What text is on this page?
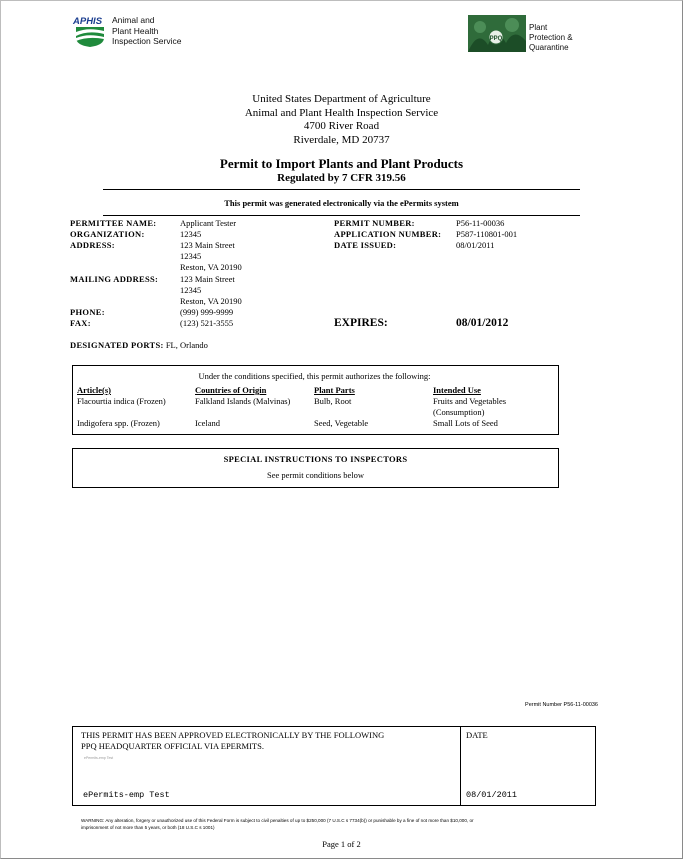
APHIS Animal and
Plant Health
Inspection Service	PPQ
Plant
Protection &
Quarantine
United States Department of Agriculture
Animal and Plant Health Inspection Service
4700 River Road
Riverdale, MD 20737
Permit to Import Plants and Plant Products
Regulated by 7 CFR 319.56
This permit was generated electronically via the ePermits system
PERMITTEE NAME:	Applicant Tester
ORGANIZATION:	12345
ADDRESS:	123 Main Street
12345
Reston, VA 20190
MAILING ADDRESS:	123 Main Street
12345
Reston, VA 20190
PHONE:	(999) 999-9999
FAX:	(123) 521-3555
PERMIT NUMBER:	P56-11-00036
APPLICATION NUMBER: P587-110801-001
DATE ISSUED:	08/01/2011
EXPIRES:	08/01/2012
DESIGNATED PORTS: FL, Orlando
Under the conditions specified, this permit authorizes the following:
Article(s)	Countries of Origin	Plant Parts	Intended Use
Flacourtia indica (Frozen)	Falkland Islands (Malvinas)	Bulb, Root	Fruits and Vegetables
(Consumption)
Indigofera spp. (Frozen)	Iceland	Seed, Vegetable	Small Lots of Seed
SPECIAL INSTRUCTIONS TO INSPECTORS
See permit conditions below
Permit Number P56-11-00036
THIS PERMIT HAS BEEN APPROVED ELECTRONICALLY BY THE FOLLOWING
PPQ HEADQUARTER OFFICIAL VIA EPERMITS.
ePermits-emp Test
ePermits-emp Test
DATE
08/01/2011
WARNING: Any alteration, forgery or unauthorized use of this Federal Form is subject to civil penalties of up to $250,000 (7 U.S.C s 7734(b)) or punishable by a fine of not more than $10,000, or
imprisonment of not more than 5 years, or both (18 U.S.C s 1001)
Page 1 of 2
